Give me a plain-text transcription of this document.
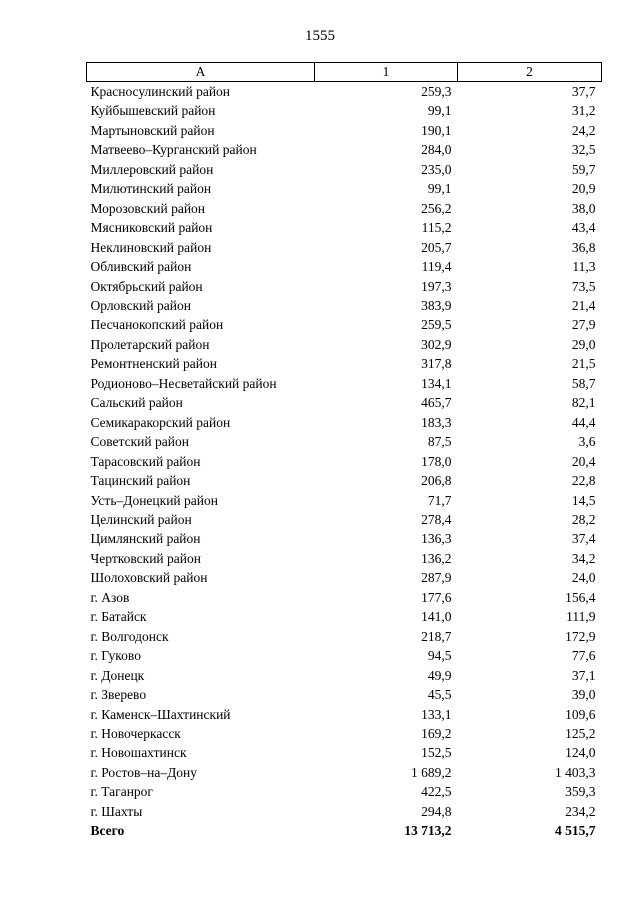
1555
А	1	2
Красносулинский район	259,3	37,7
Куйбышевский район	99,1	31,2
Мартыновский район	190,1	24,2
Матвеево–Курганский район	284,0	32,5
Миллеровский район	235,0	59,7
Милютинский район	99,1	20,9
Морозовский район	256,2	38,0
Мясниковский район	115,2	43,4
Неклиновский район	205,7	36,8
Обливский район	119,4	11,3
Октябрьский район	197,3	73,5
Орловский район	383,9	21,4
Песчанокопский район	259,5	27,9
Пролетарский район	302,9	29,0
Ремонтненский район	317,8	21,5
Родионово–Несветайский район	134,1	58,7
Сальский район	465,7	82,1
Семикаракорский район	183,3	44,4
Советский район	87,5	3,6
Тарасовский район	178,0	20,4
Тацинский район	206,8	22,8
Усть–Донецкий район	71,7	14,5
Целинский район	278,4	28,2
Цимлянский район	136,3	37,4
Чертковский район	136,2	34,2
Шолоховский район	287,9	24,0
г. Азов	177,6	156,4
г. Батайск	141,0	111,9
г. Волгодонск	218,7	172,9
г. Гуково	94,5	77,6
г. Донецк	49,9	37,1
г. Зверево	45,5	39,0
г. Каменск–Шахтинский	133,1	109,6
г. Новочеркасск	169,2	125,2
г. Новошахтинск	152,5	124,0
г. Ростов–на–Дону	1 689,2	1 403,3
г. Таганрог	422,5	359,3
г. Шахты	294,8	234,2
Всего	13 713,2	4 515,7
